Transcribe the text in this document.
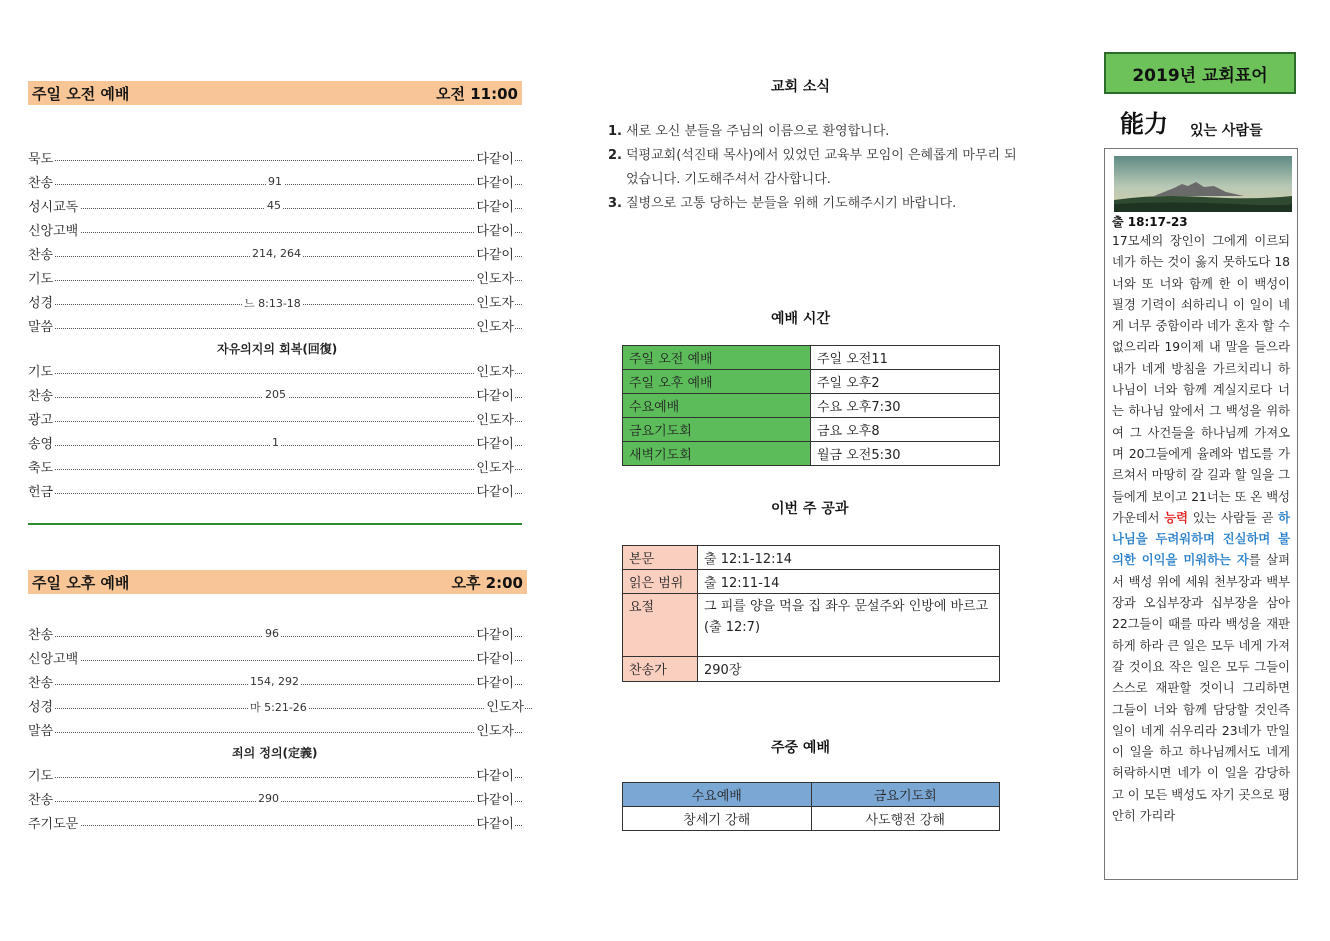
주일 오전 예배	오전 11:00
묵도	다같이
찬송	91	다같이
성시교독	45	다같이
신앙고백	다같이
찬송	214, 264	다같이
기도	인도자
성경	느 8:13-18	인도자
말씀	인도자
자유의지의 회복(回復)
기도	인도자
찬송	205	다같이
광고	인도자
송영	1	다같이
축도	인도자
헌금	다같이
주일 오후 예배	오후 2:00
찬송	96	다같이
신앙고백	다같이
찬송	154, 292	다같이
성경	마 5:21-26	인도자
말씀	인도자
죄의 정의(定義)
기도	다같이
찬송	290	다같이
주기도문	다같이
교회 소식
1. 새로 오신 분들을 주님의 이름으로 환영합니다.
2. 덕평교회(석진태 목사)에서 있었던 교육부 모임이 은혜롭게 마무리 되었습니다. 기도해주셔서 감사합니다.
3. 질병으로 고통 당하는 분들을 위해 기도해주시기 바랍니다.
예배 시간
주일 오전 예배	주일 오전11
주일 오후 예배	주일 오후2
수요예배	수요 오후7:30
금요기도회	금요 오후8
새벽기도회	월금 오전5:30
이번 주 공과
본문	출 12:1-12:14
읽은 범위	출 12:11-14
요절	그 피를 양을 먹을 집 좌우 문설주와 인방에 바르고(출 12:7)
찬송가	290장
주중 예배
수요예배	금요기도회
창세기 강해	사도행전 강해
2019년 교회표어
能力 있는 사람들
출 18:17-23
17모세의 장인이 그에게 이르되 네가 하는 것이 옳지 못하도다 18너와 또 너와 함께 한 이 백성이 필경 기력이 쇠하리니 이 일이 네게 너무 중함이라 네가 혼자 할 수 없으리라 19이제 내 말을 들으라 내가 네게 방침을 가르치리니 하나님이 너와 함께 계실지로다 너는 하나님 앞에서 그 백성을 위하여 그 사건들을 하나님께 가져오며 20그들에게 율례와 법도를 가르쳐서 마땅히 갈 길과 할 일을 그들에게 보이고 21너는 또 온 백성 가운데서 능력 있는 사람들 곧 하나님을 두려워하며 진실하며 불의한 이익을 미워하는 자를 살펴서 백성 위에 세워 천부장과 백부장과 오십부장과 십부장을 삼아 22그들이 때를 따라 백성을 재판하게 하라 큰 일은 모두 네게 가져갈 것이요 작은 일은 모두 그들이 스스로 재판할 것이니 그리하면 그들이 너와 함께 담당할 것인즉 일이 네게 쉬우리라 23네가 만일 이 일을 하고 하나님께서도 네게 허락하시면 네가 이 일을 감당하고 이 모든 백성도 자기 곳으로 평안히 가리라
